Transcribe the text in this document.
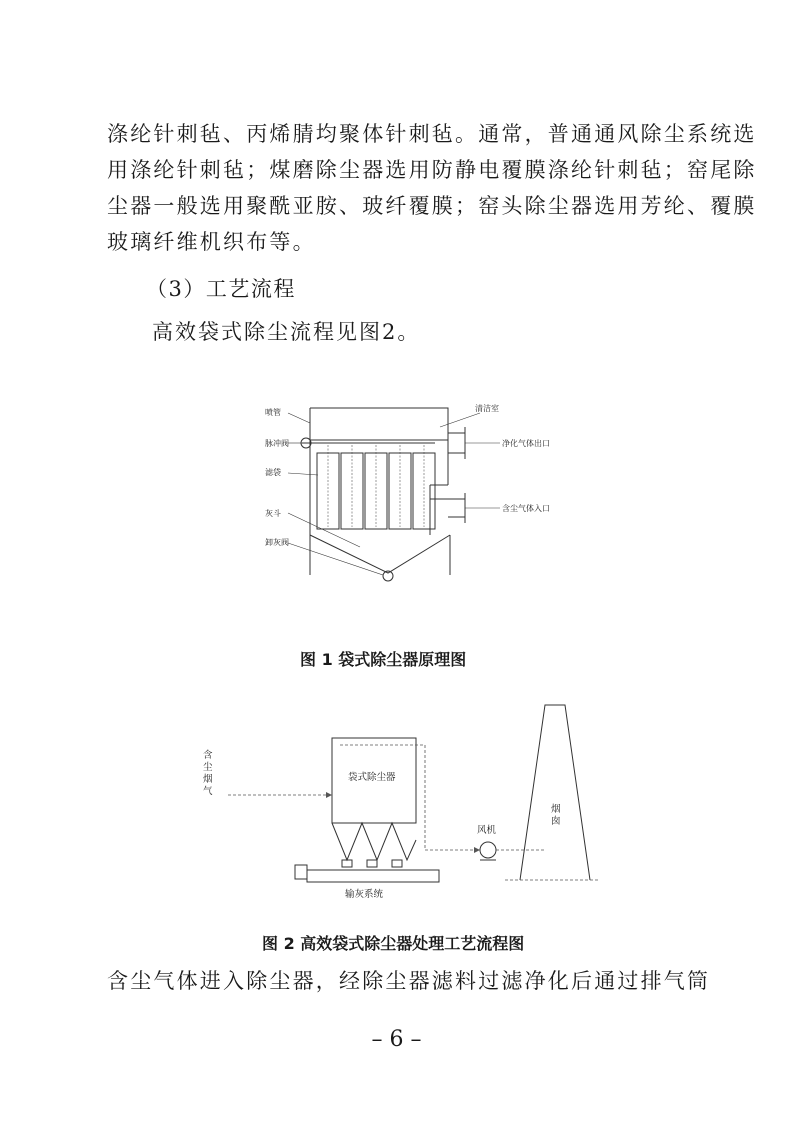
涤纶针刺毡、丙烯腈均聚体针刺毡。通常，普通通风除尘系统选
用涤纶针刺毡；煤磨除尘器选用防静电覆膜涤纶针刺毡；窑尾除
尘器一般选用聚酰亚胺、玻纤覆膜；窑头除尘器选用芳纶、覆膜
玻璃纤维机织布等。
（3）工艺流程
高效袋式除尘流程见图2。
喷管
脉冲阀
滤袋
灰斗
卸灰阀
清洁室
净化气体出口
含尘气体入口
图 1 袋式除尘器原理图
含
尘
烟
气
袋式除尘器
风机
烟
囱
输灰系统
图 2 高效袋式除尘器处理工艺流程图
含尘气体进入除尘器，经除尘器滤料过滤净化后通过排气筒
– 6 –
